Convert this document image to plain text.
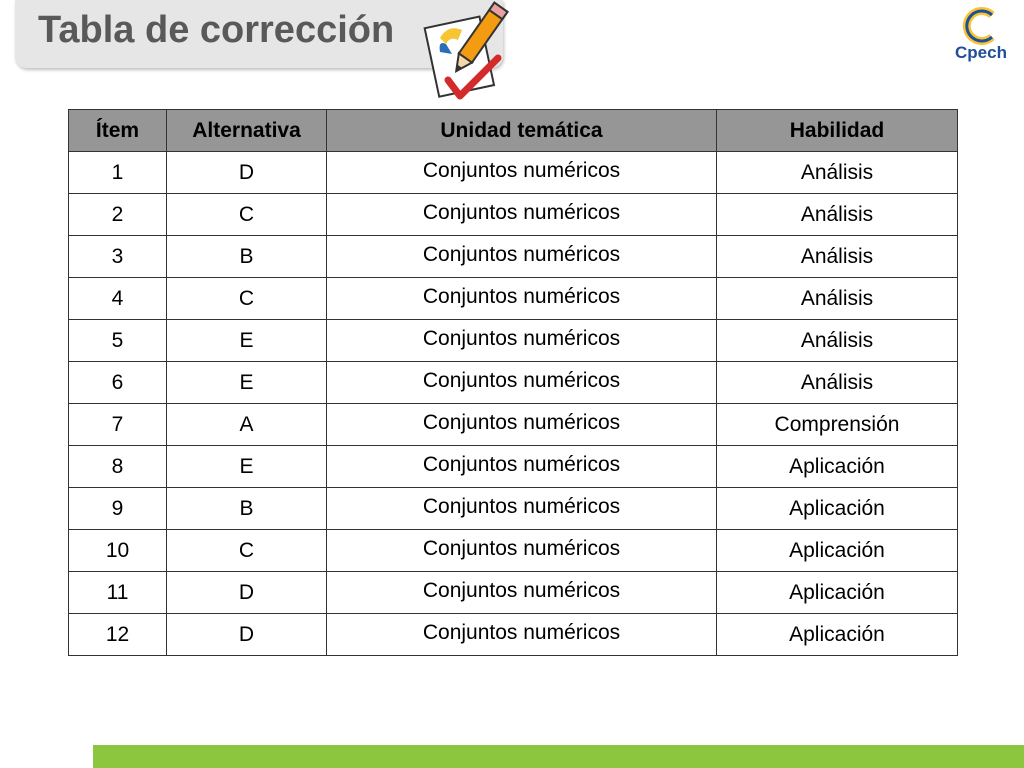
Tabla de corrección
Cpech
Ítem	Alternativa	Unidad temática	Habilidad
1	D	Conjuntos numéricos	Análisis
2	C	Conjuntos numéricos	Análisis
3	B	Conjuntos numéricos	Análisis
4	C	Conjuntos numéricos	Análisis
5	E	Conjuntos numéricos	Análisis
6	E	Conjuntos numéricos	Análisis
7	A	Conjuntos numéricos	Comprensión
8	E	Conjuntos numéricos	Aplicación
9	B	Conjuntos numéricos	Aplicación
10	C	Conjuntos numéricos	Aplicación
11	D	Conjuntos numéricos	Aplicación
12	D	Conjuntos numéricos	Aplicación
